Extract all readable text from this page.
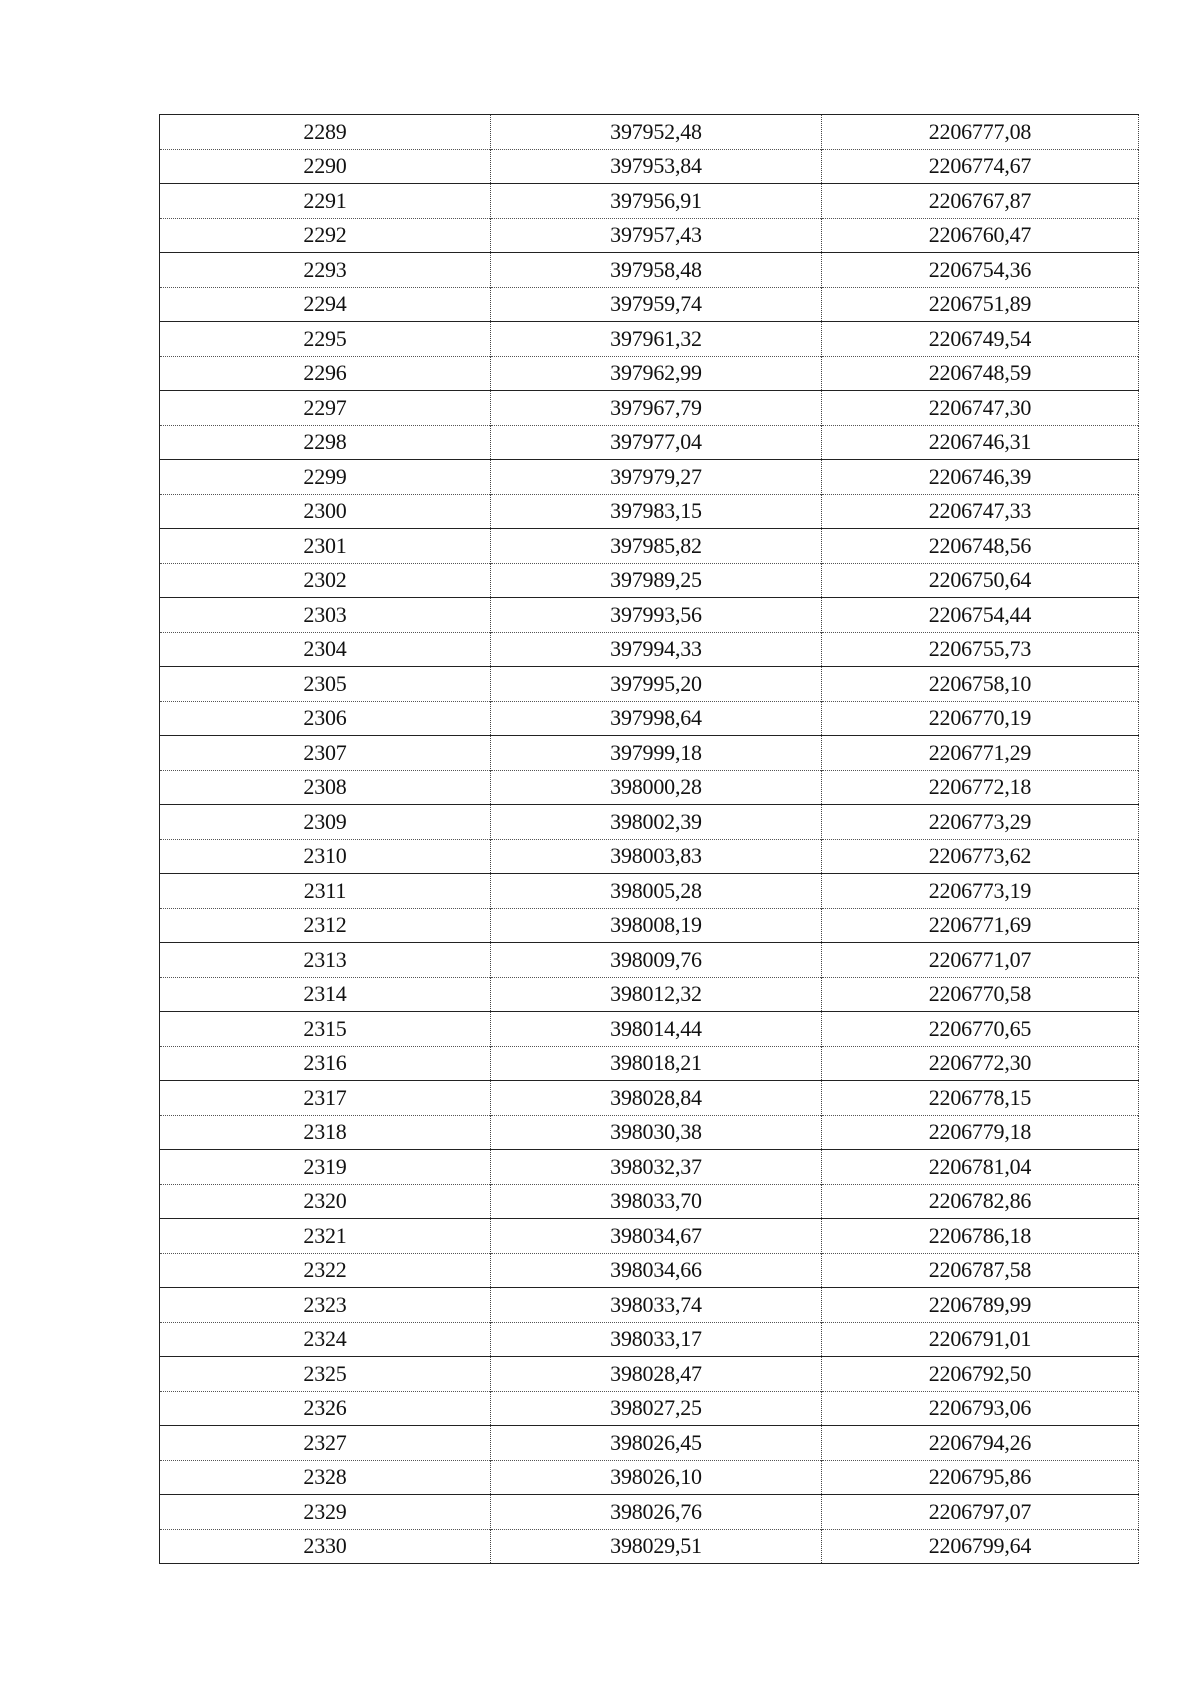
2289	397952,48	2206777,08
2290	397953,84	2206774,67
2291	397956,91	2206767,87
2292	397957,43	2206760,47
2293	397958,48	2206754,36
2294	397959,74	2206751,89
2295	397961,32	2206749,54
2296	397962,99	2206748,59
2297	397967,79	2206747,30
2298	397977,04	2206746,31
2299	397979,27	2206746,39
2300	397983,15	2206747,33
2301	397985,82	2206748,56
2302	397989,25	2206750,64
2303	397993,56	2206754,44
2304	397994,33	2206755,73
2305	397995,20	2206758,10
2306	397998,64	2206770,19
2307	397999,18	2206771,29
2308	398000,28	2206772,18
2309	398002,39	2206773,29
2310	398003,83	2206773,62
2311	398005,28	2206773,19
2312	398008,19	2206771,69
2313	398009,76	2206771,07
2314	398012,32	2206770,58
2315	398014,44	2206770,65
2316	398018,21	2206772,30
2317	398028,84	2206778,15
2318	398030,38	2206779,18
2319	398032,37	2206781,04
2320	398033,70	2206782,86
2321	398034,67	2206786,18
2322	398034,66	2206787,58
2323	398033,74	2206789,99
2324	398033,17	2206791,01
2325	398028,47	2206792,50
2326	398027,25	2206793,06
2327	398026,45	2206794,26
2328	398026,10	2206795,86
2329	398026,76	2206797,07
2330	398029,51	2206799,64
